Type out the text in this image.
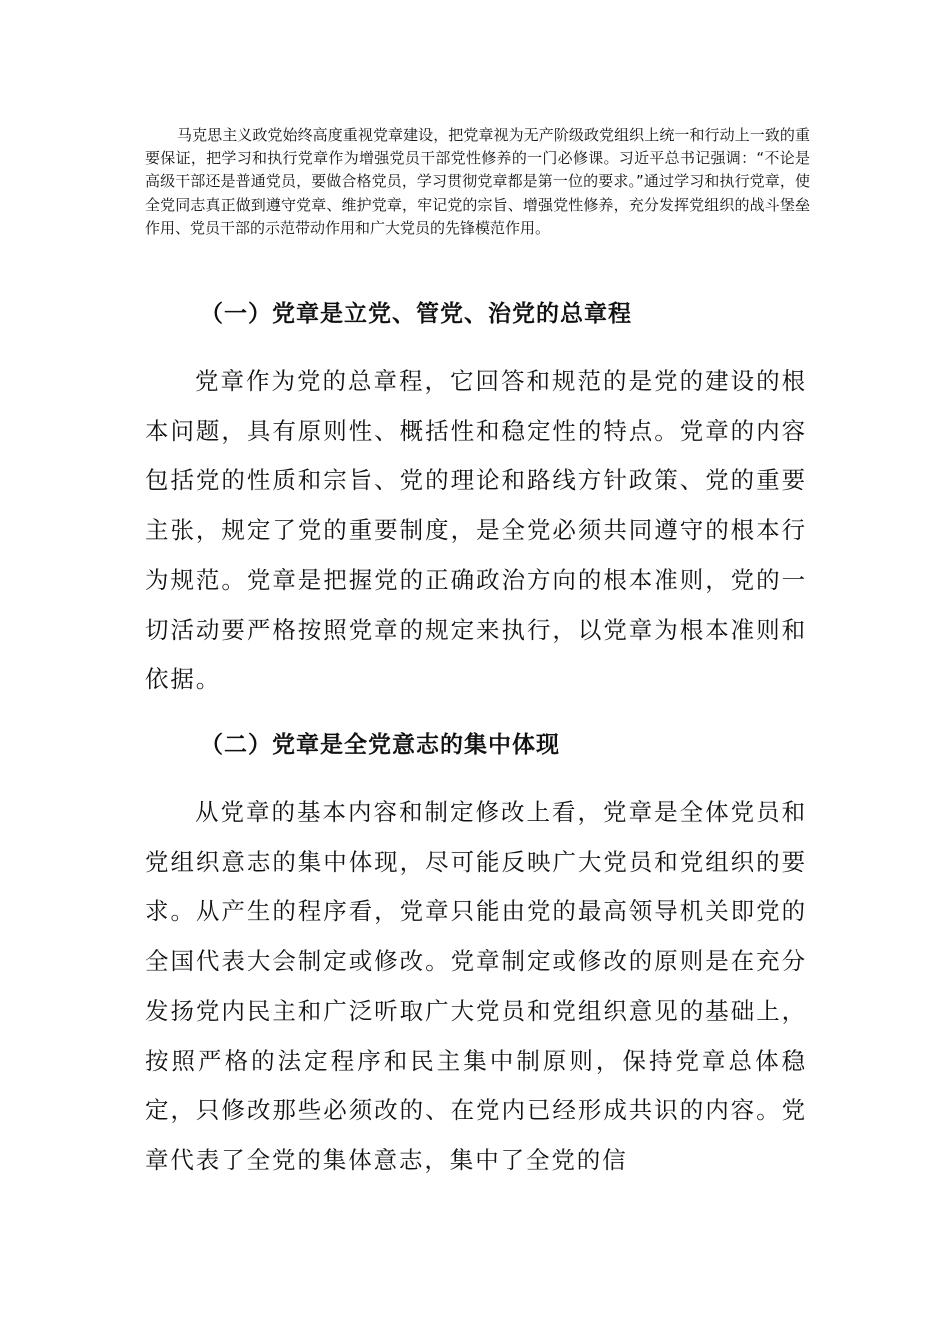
马克思主义政党始终高度重视党章建设，把党章视为无产阶级政党组织上统一和行动上一致的重要保证，把学习和执行党章作为增强党员干部党性修养的一门必修课。习近平总书记强调：“不论是高级干部还是普通党员，要做合格党员，学习贯彻党章都是第一位的要求。”通过学习和执行党章，使全党同志真正做到遵守党章、维护党章，牢记党的宗旨、增强党性修养，充分发挥党组织的战斗堡垒作用、党员干部的示范带动作用和广大党员的先锋模范作用。

（一）党章是立党、管党、治党的总章程

党章作为党的总章程，它回答和规范的是党的建设的根本问题，具有原则性、概括性和稳定性的特点。党章的内容包括党的性质和宗旨、党的理论和路线方针政策、党的重要主张，规定了党的重要制度，是全党必须共同遵守的根本行为规范。党章是把握党的正确政治方向的根本准则，党的一切活动要严格按照党章的规定来执行，以党章为根本准则和依据。

（二）党章是全党意志的集中体现

从党章的基本内容和制定修改上看，党章是全体党员和党组织意志的集中体现，尽可能反映广大党员和党组织的要求。从产生的程序看，党章只能由党的最高领导机关即党的全国代表大会制定或修改。党章制定或修改的原则是在充分发扬党内民主和广泛听取广大党员和党组织意见的基础上，按照严格的法定程序和民主集中制原则，保持党章总体稳定，只修改那些必须改的、在党内已经形成共识的内容。党章代表了全党的集体意志，集中了全党的信
